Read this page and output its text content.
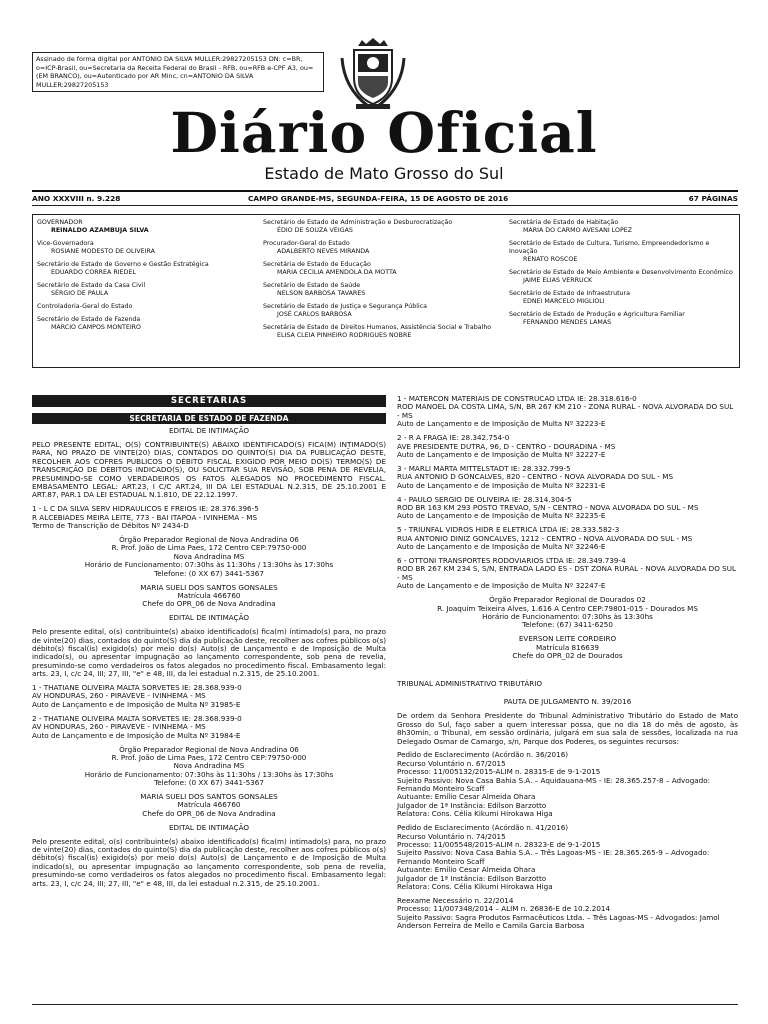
Assinado de forma digital por ANTONIO DA SILVA MULLER:29827205153 DN: c=BR, o=ICP-Brasil, ou=Secretaria da Receita Federal do Brasil - RFB, ou=RFB e-CPF A3, ou=(EM BRANCO), ou=Autenticado por AR Minc, cn=ANTONIO DA SILVA MULLER:29827205153
Diário Oficial
Estado de Mato Grosso do Sul
ANO XXXVIII n. 9.228	CAMPO GRANDE-MS, SEGUNDA-FEIRA, 15 DE AGOSTO DE 2016	67 PÁGINAS
GOVERNADOR
REINALDO AZAMBUJA SILVA
Vice-Governadora
ROSIANE MODESTO DE OLIVEIRA
Secretário de Estado de Governo e Gestão Estratégica
EDUARDO CORREA RIEDEL
Secretário de Estado da Casa Civil
SÉRGIO DE PAULA
Controladoria-Geral do Estado
Secretário de Estado de Fazenda
MARCIO CAMPOS MONTEIRO
Secretário de Estado de Administração e Desburocratização
ÉDIO DE SOUZA VEIGAS
Procurador-Geral do Estado
ADALBERTO NEVES MIRANDA
Secretária de Estado de Educação
MARIA CECILIA AMENDOLA DA MOTTA
Secretário de Estado de Saúde
NELSON BARBOSA TAVARES
Secretário de Estado de Justiça e Segurança Pública
JOSÉ CARLOS BARBOSA
Secretária de Estado de Direitos Humanos, Assistência Social e Trabalho
ELISA CLEIA PINHEIRO RODRIGUES NOBRE
Secretária de Estado de Habitação
MARIA DO CARMO AVESANI LOPEZ
Secretário de Estado de Cultura, Turismo, Empreendedorismo e Inovação
RENATO ROSCOE
Secretário de Estado de Meio Ambiente e Desenvolvimento Econômico
JAIME ELIAS VERRUCK
Secretário de Estado de Infraestrutura
EDNEI MARCELO MIGLIOLI
Secretário de Estado de Produção e Agricultura Familiar
FERNANDO MENDES LAMAS
SECRETARIAS
SECRETARIA DE ESTADO DE FAZENDA

EDITAL DE INTIMAÇÃO

PELO PRESENTE EDITAL, O(S) CONTRIBUINTE(S) ABAIXO IDENTIFICADO(S) FICA(M) INTIMADO(S) PARA, NO PRAZO DE VINTE(20) DIAS, CONTADOS DO QUINTO(S) DIA DA PUBLICAÇÃO DESTE, RECOLHER AOS COFRES PUBLICOS O DÉBITO FISCAL EXIGIDO POR MEIO DO(S) TERMO(S) DE TRANSCRIÇÃO DE DÉBITOS INDICADO(S), OU SOLICITAR SUA REVISÃO, SOB PENA DE REVELIA, PRESUMINDO-SE COMO VERDADEIROS OS FATOS ALEGADOS NO PROCEDIMENTO FISCAL. EMBASAMENTO LEGAL: ART.23, I C/C ART.24, III DA LEI ESTADUAL N.2.315, DE 25.10.2001 E ART.87, PAR.1 DA LEI ESTADUAL N.1.810, DE 22.12.1997.

1 - L C DA SILVA SERV HIDRAULICOS E FREIOS IE: 28.376.396-5
R ALCEBIADES MEIRA LEITE, 773 - BAI ITAPOA - IVINHEMA - MS
Termo de Transcrição de Débitos Nº 2434-D

Órgão Preparador Regional de Nova Andradina 06
R. Prof. João de Lima Paes, 172 Centro CEP:79750-000
Nova Andradina MS
Horário de Funcionamento: 07:30hs às 11:30hs / 13:30hs às 17:30hs
Telefone: (0 XX 67) 3441-5367

MARIA SUELI DOS SANTOS GONSALES
Matrícula 466760
Chefe do OPR_06 de Nova Andradina

EDITAL DE INTIMAÇÃO

Pelo presente edital, o(s) contribuinte(s) abaixo identificado(s) fica(m) intimado(s) para, no prazo de vinte(20) dias, contados do quinto(S) dia da publicação deste, recolher aos cofres públicos o(s) débito(s) fiscal(is) exigido(s) por meio do(s) Auto(s) de Lançamento e de Imposição de Multa indicado(s), ou apresentar impugnação ao lançamento correspondente, sob pena de revelia, presumindo-se como verdadeiros os fatos alegados no procedimento fiscal. Embasamento legal: arts. 23, I, c/c 24, III; 27, III, "e" e 48, III, da lei estadual n.2.315, de 25.10.2001.

1 - THATIANE OLIVEIRA MALTA SORVETES IE: 28.368.939-0
AV HONDURAS, 260 - PIRAVEVE - IVINHEMA - MS
Auto de Lançamento e de Imposição de Multa Nº 31985-E

2 - THATIANE OLIVEIRA MALTA SORVETES IE: 28.368.939-0
AV HONDURAS, 260 - PIRAVEVE - IVINHEMA - MS
Auto de Lançamento e de Imposição de Multa Nº 31984-E

Órgão Preparador Regional de Nova Andradina 06
R. Prof. João de Lima Paes, 172 Centro CEP:79750-000
Nova Andradina MS
Horário de Funcionamento: 07:30hs às 11:30hs / 13:30hs às 17:30hs
Telefone: (0 XX 67) 3441-5367

MARIA SUELI DOS SANTOS GONSALES
Matrícula 466760
Chefe do OPR_06 de Nova Andradina

EDITAL DE INTIMAÇÃO

Pelo presente edital, o(s) contribuinte(s) abaixo identificado(s) fica(m) intimado(s) para, no prazo de vinte(20) dias, contados do quinto(S) dia da publicação deste, recolher aos cofres públicos o(s) débito(s) fiscal(is) exigido(s) por meio do(s) Auto(s) de Lançamento e de Imposição de Multa indicado(s), ou apresentar impugnação ao lançamento correspondente, sob pena de revelia, presumindo-se como verdadeiros os fatos alegados no procedimento fiscal. Embasamento legal: arts. 23, I, c/c 24, III; 27, III, "e" e 48, III, da lei estadual n.2.315, de 25.10.2001.

1 - MATERCON MATERIAIS DE CONSTRUCAO LTDA IE: 28.318.616-0
ROD MANOEL DA COSTA LIMA, S/N, BR 267 KM 210 - ZONA RURAL - NOVA ALVORADA DO SUL - MS
Auto de Lançamento e de Imposição de Multa Nº 32223-E

2 - R A FRAGA IE: 28.342.754-0
AVE PRESIDENTE DUTRA, 96, D - CENTRO - DOURADINA - MS
Auto de Lançamento e de Imposição de Multa Nº 32227-E

3 - MARLI MARTA MITTELSTADT IE: 28.332.799-5
RUA ANTONIO D GONCALVES, 820 - CENTRO - NOVA ALVORADA DO SUL - MS
Auto de Lançamento e de Imposição de Multa Nº 32231-E

4 - PAULO SERGIO DE OLIVEIRA IE: 28.314.304-5
ROD BR 163 KM 293 POSTO TREVAO, S/N - CENTRO - NOVA ALVORADA DO SUL - MS
Auto de Lançamento e de Imposição de Multa Nº 32235-E

5 - TRIUNFAL VIDROS HIDR E ELETRICA LTDA IE: 28.333.582-3
RUA ANTONIO DINIZ GONCALVES, 1212 - CENTRO - NOVA ALVORADA DO SUL - MS
Auto de Lançamento e de Imposição de Multa Nº 32246-E

6 - OTTONI TRANSPORTES RODOVIARIOS LTDA IE: 28.349.739-4
ROD BR 267 KM 234 S, S/N, ENTRADA LADO ES - DST ZONA RURAL - NOVA ALVORADA DO SUL - MS
Auto de Lançamento e de Imposição de Multa Nº 32247-E

Órgão Preparador Regional de Dourados 02
R. Joaquim Teixeira Alves, 1.616 A Centro CEP:79801-015 - Dourados MS
Horário de Funcionamento: 07:30hs às 13:30hs
Telefone: (67) 3411-6250

EVERSON LEITE CORDEIRO
Matrícula 816639
Chefe do OPR_02 de Dourados

TRIBUNAL ADMINISTRATIVO TRIBUTÁRIO

PAUTA DE JULGAMENTO N. 39/2016

De ordem da Senhora Presidente do Tribunal Administrativo Tributário do Estado de Mato Grosso do Sul, faço saber a quem interessar possa, que no dia 18 do mês de agosto, às 8h30min, o Tribunal, em sessão ordinária, julgará em sua sala de sessões, localizada na rua Delegado Osmar de Camargo, s/n, Parque dos Poderes, os seguintes recursos:

Pedido de Esclarecimento (Acórdão n. 36/2016)
Recurso Voluntário n. 67/2015
Processo: 11/005132/2015-ALIM n. 28315-E de 9-1-2015
Sujeito Passivo: Nova Casa Bahia S.A. – Aquidauana-MS - IE: 28.365.257-8 – Advogado: Fernando Monteiro Scaff
Autuante: Emílio Cesar Almeida Ohara
Julgador de 1ª Instância: Edilson Barzotto
Relatora: Cons. Célia Kikumi Hirokawa Higa

Pedido de Esclarecimento (Acórdão n. 41/2016)
Recurso Voluntário n. 74/2015
Processo: 11/005548/2015-ALIM n. 28323-E de 9-1-2015
Sujeito Passivo: Nova Casa Bahia S.A. – Três Lagoas-MS - IE: 28.365.265-9 – Advogado: Fernando Monteiro Scaff
Autuante: Emílio Cesar Almeida Ohara
Julgador de 1ª Instância: Edilson Barzotto
Relatora: Cons. Célia Kikumi Hirokawa Higa

Reexame Necessário n. 22/2014
Processo: 11/007348/2014 – ALIM n. 26836-E de 10.2.2014
Sujeito Passivo: Sagra Produtos Farmacêuticos Ltda. – Três Lagoas-MS - Advogados: Jamol Anderson Ferreira de Mello e Camila Garcia Barbosa
